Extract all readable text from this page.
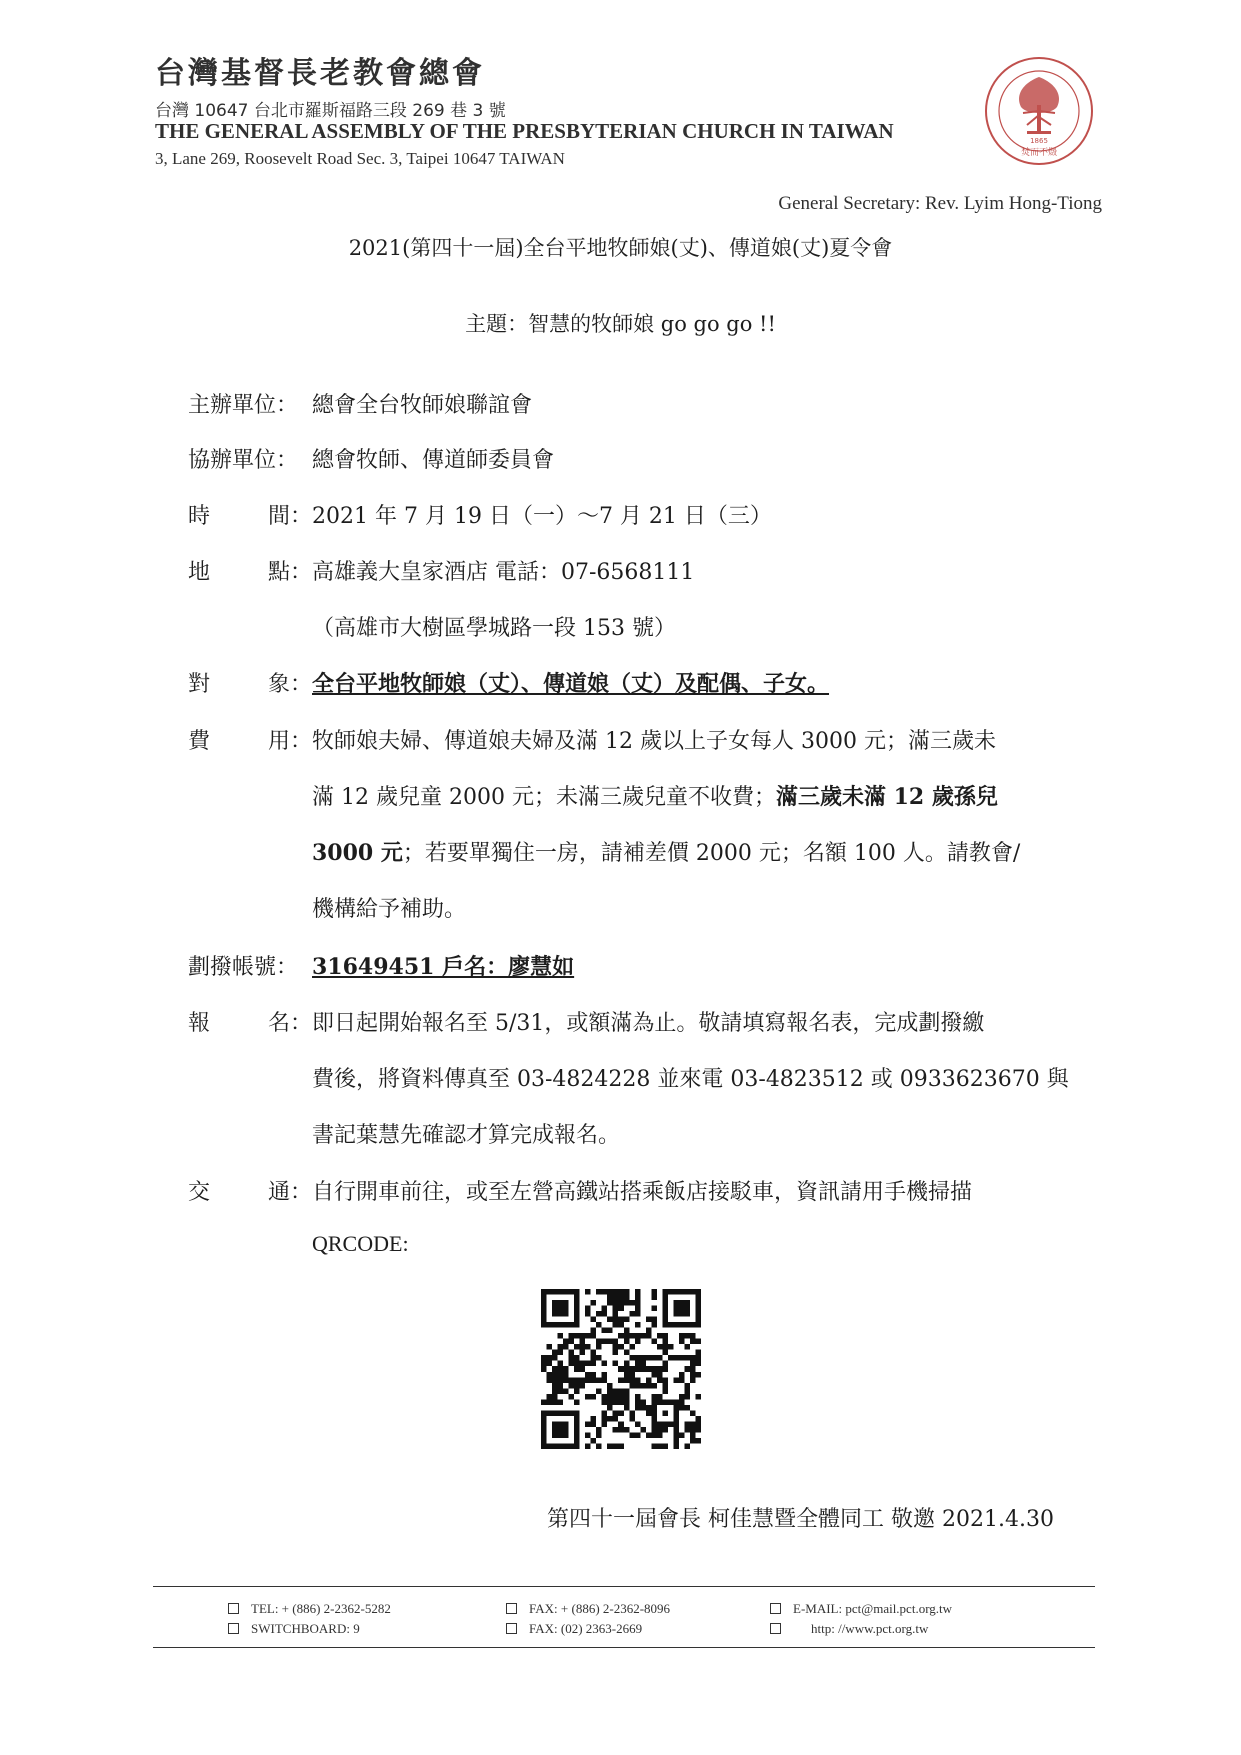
台灣基督長老教會總會
台灣 10647 台北市羅斯福路三段 269 巷 3 號
THE GENERAL ASSEMBLY OF THE PRESBYTERIAN CHURCH IN TAIWAN
3, Lane 269, Roosevelt Road Sec. 3, Taipei 10647 TAIWAN
1865
焚而不燬
General Secretary: Rev. Lyim Hong-Tiong
2021(第四十一屆)全台平地牧師娘(丈)、傳道娘(丈)夏令會
主題：智慧的牧師娘 go go go !!
主辦單位： 總會全台牧師娘聯誼會
協辦單位： 總會牧師、傳道師委員會
時	間： 2021 年 7 月 19 日（一）～7 月 21 日（三）
地	點： 高雄義大皇家酒店 電話：07-6568111
（高雄市大樹區學城路一段 153 號）
對	象： 全台平地牧師娘（丈）、傳道娘（丈）及配偶、子女。
費	用： 牧師娘夫婦、傳道娘夫婦及滿 12 歲以上子女每人 3000 元；滿三歲未
滿 12 歲兒童 2000 元；未滿三歲兒童不收費；滿三歲未滿 12 歲孫兒
3000 元；若要單獨住一房，請補差價 2000 元；名額 100 人。請教會/
機構給予補助。
劃撥帳號： 31649451 戶名：廖慧如
報	名： 即日起開始報名至 5/31，或額滿為止。敬請填寫報名表，完成劃撥繳
費後，將資料傳真至 03-4824228 並來電 03-4823512 或 0933623670 與
書記葉慧先確認才算完成報名。
交	通： 自行開車前往，或至左營高鐵站搭乘飯店接駁車，資訊請用手機掃描
QRCODE:
第四十一屆會長 柯佳慧暨全體同工 敬邀 2021.4.30
TEL: + (886) 2-2362-5282
SWITCHBOARD: 9
FAX: + (886) 2-2362-8096
FAX: (02) 2363-2669
E-MAIL: pct@mail.pct.org.tw
http: //www.pct.org.tw
